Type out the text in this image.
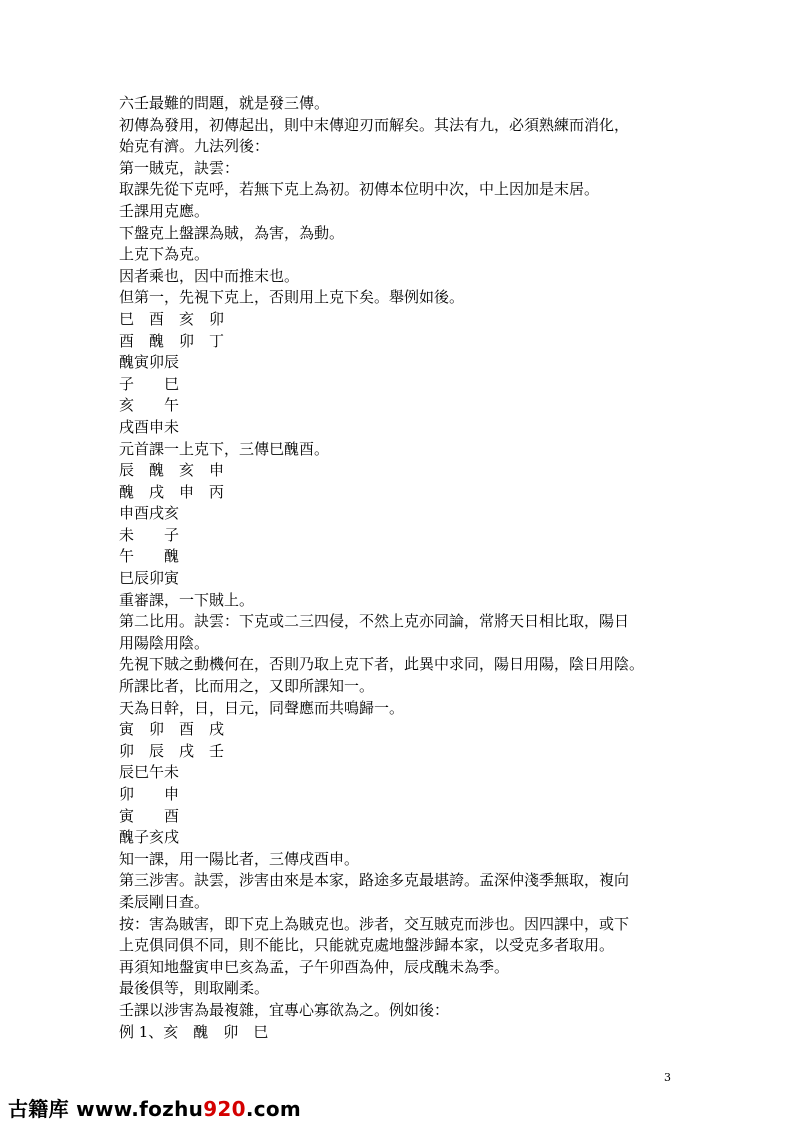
六壬最難的問題，就是發三傳。
初傳為發用，初傳起出，則中末傳迎刃而解矣。其法有九，必須熟練而消化，
始克有濟。九法列後：
第一賊克，訣雲：
取課先從下克呼，若無下克上為初。初傳本位明中次，中上因加是末居。
壬課用克應。
下盤克上盤課為賊，為害，為動。
上克下為克。
因者乘也，因中而推末也。
但第一，先視下克上，否則用上克下矣。舉例如後。
巳　酉　亥　卯
酉　醜　卯　丁
醜寅卯辰
子　　巳
亥　　午
戌酉申未
元首課一上克下，三傳巳醜酉。
辰　醜　亥　申
醜　戌　申　丙
申酉戌亥
未　　子
午　　醜
巳辰卯寅
重審課，一下賊上。
第二比用。訣雲：下克或二三四侵，不然上克亦同論，常將天日相比取，陽日
用陽陰用陰。
先視下賊之動機何在，否則乃取上克下者，此異中求同，陽日用陽，陰日用陰。
所課比者，比而用之，又即所課知一。
天為日幹，日，日元，同聲應而共鳴歸一。
寅　卯　酉　戌
卯　辰　戌　壬
辰巳午未
卯　　申
寅　　酉
醜子亥戌
知一課，用一陽比者，三傳戌酉申。
第三涉害。訣雲，涉害由來是本家，路途多克最堪誇。孟深仲淺季無取，複向
柔辰剛日查。
按：害為賊害，即下克上為賊克也。涉者，交互賊克而涉也。因四課中，或下
上克俱同俱不同，則不能比，只能就克處地盤涉歸本家，以受克多者取用。
再須知地盤寅申巳亥為孟，子午卯酉為仲，辰戌醜未為季。
最後俱等，則取剛柔。
壬課以涉害為最複雜，宜專心寡欲為之。例如後：
例 1、亥　醜　卯　巳
3
古籍库 www.fozhu920.com
